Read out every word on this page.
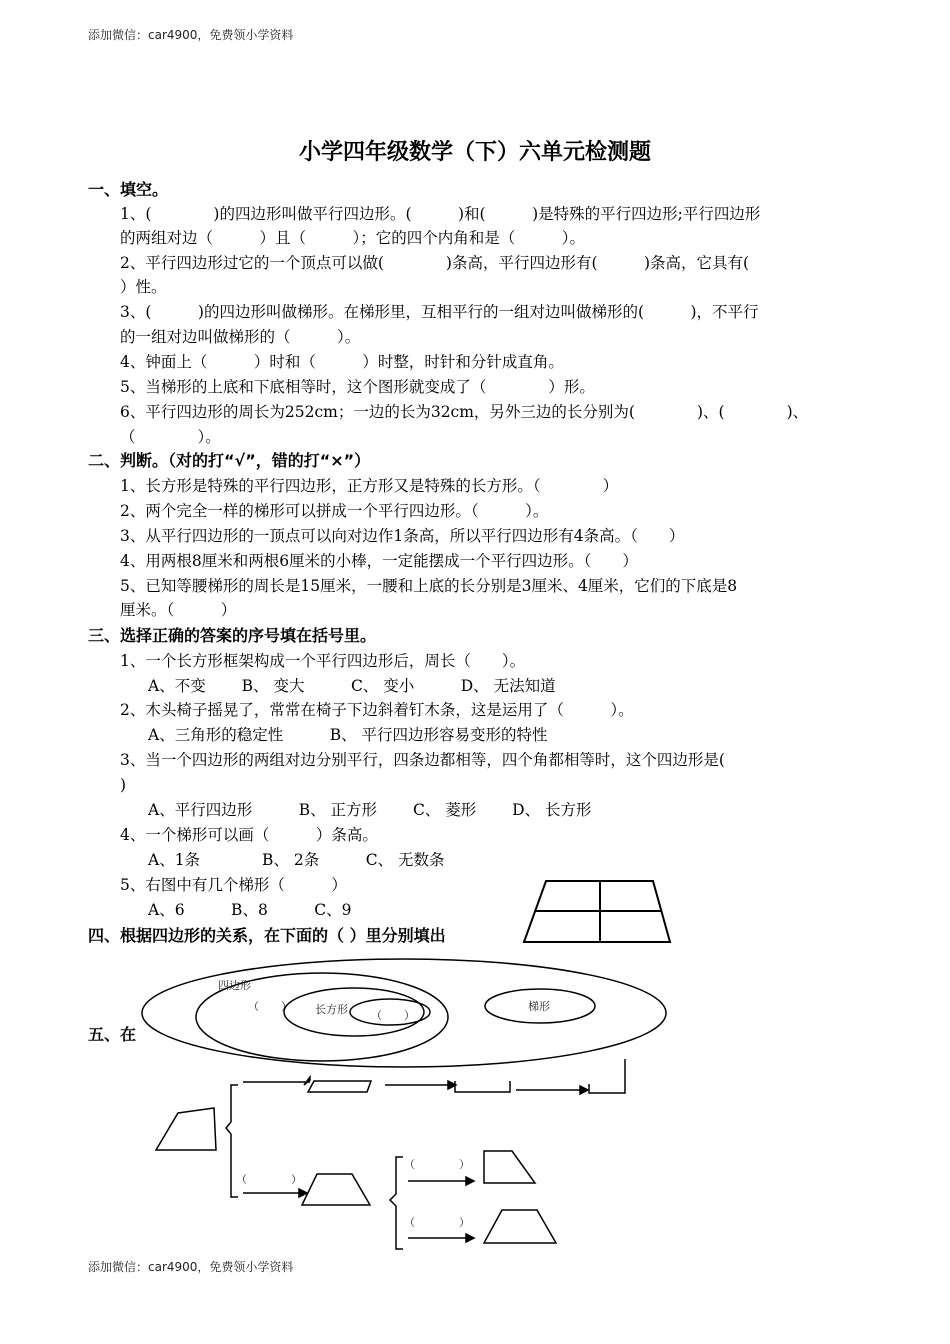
添加微信：car4900，免费领小学资料
小学四年级数学（下）六单元检测题
一、填空。
1、(　　　　)的四边形叫做平行四边形。(　　　)和(　　　)是特殊的平行四边形;平行四边形
的两组对边（　　　）且（　　　）；它的四个内角和是（　　　）。
2、平行四边形过它的一个顶点可以做(　　　　)条高，平行四边形有(　　　)条高，它具有(
）性。
3、(　　　)的四边形叫做梯形。在梯形里，互相平行的一组对边叫做梯形的(　　　)，不平行
的一组对边叫做梯形的（　　　）。
4、钟面上（　　　）时和（　　　）时整，时针和分针成直角。
5、当梯形的上底和下底相等时，这个图形就变成了（　　　　）形。
6、平行四边形的周长为252cm；一边的长为32cm，另外三边的长分别为(　　　　)、(　　　　)、
（　　　　）。
二、判断。（对的打“√”，错的打“×”）
1、长方形是特殊的平行四边形，正方形又是特殊的长方形。（　　　　）
2、两个完全一样的梯形可以拼成一个平行四边形。（　　　）。
3、从平行四边形的一顶点可以向对边作1条高，所以平行四边形有4条高。（　　）
4、用两根8厘米和两根6厘米的小棒，一定能摆成一个平行四边形。（　　）
5、已知等腰梯形的周长是15厘米，一腰和上底的长分别是3厘米、4厘米，它们的下底是8
厘米。（　　　）
三、选择正确的答案的序号填在括号里。
1、一个长方形框架构成一个平行四边形后，周长（　　）。
A、不变　　 B、 变大　　　C、 变小　　　D、 无法知道
2、木头椅子摇晃了，常常在椅子下边斜着钉木条，这是运用了（　　　）。
A、三角形的稳定性　　　B、 平行四边形容易变形的特性
3、当一个四边形的两组对边分别平行，四条边都相等，四个角都相等时，这个四边形是(
)
A、平行四边形　　　B、 正方形　　 C、 菱形　　 D、 长方形
4、一个梯形可以画（　　　）条高。
A、1条　　　　B、 2条　　　C、 无数条
5、右图中有几个梯形（　　　）
A、6　　　B、8　　　C、9
四、根据四边形的关系，在下面的（ ）里分别填出
五、在
四边形
（　　） 长方形 （　　）
梯形
（　　　　）
（　　　　）
（　　　　）
添加微信：car4900，免费领小学资料
